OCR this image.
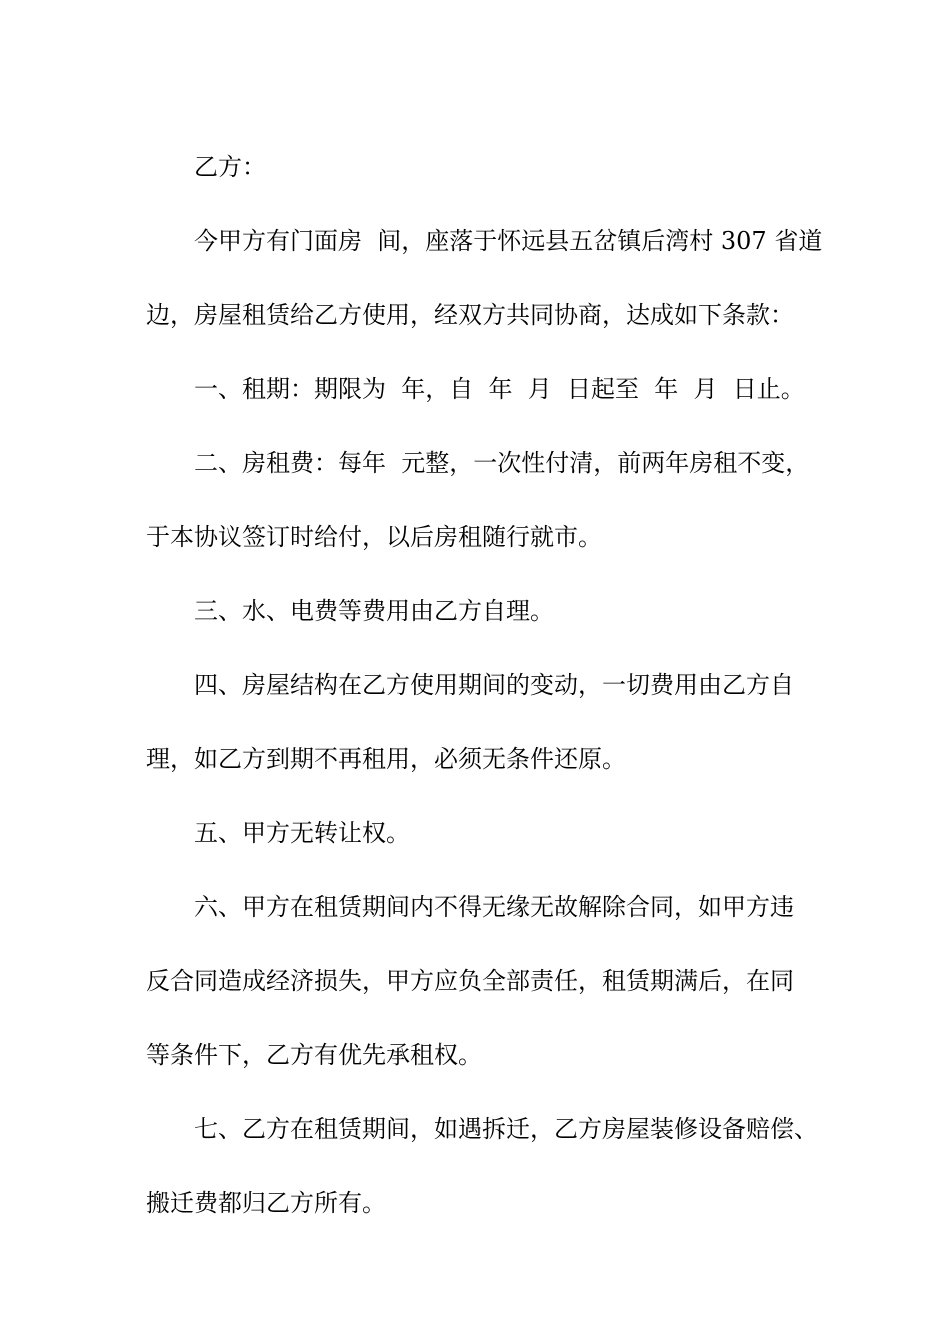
乙方：
今甲方有门面房  间，座落于怀远县五岔镇后湾村 307 省道
边，房屋租赁给乙方使用，经双方共同协商，达成如下条款：
一、租期：期限为  年，自  年  月  日起至  年  月  日止。
二、房租费：每年  元整，一次性付清，前两年房租不变，
于本协议签订时给付，以后房租随行就市。
三、水、电费等费用由乙方自理。
四、房屋结构在乙方使用期间的变动，一切费用由乙方自
理，如乙方到期不再租用，必须无条件还原。
五、甲方无转让权。
六、甲方在租赁期间内不得无缘无故解除合同，如甲方违
反合同造成经济损失，甲方应负全部责任，租赁期满后，在同
等条件下，乙方有优先承租权。
七、乙方在租赁期间，如遇拆迁，乙方房屋装修设备赔偿、
搬迁费都归乙方所有。
